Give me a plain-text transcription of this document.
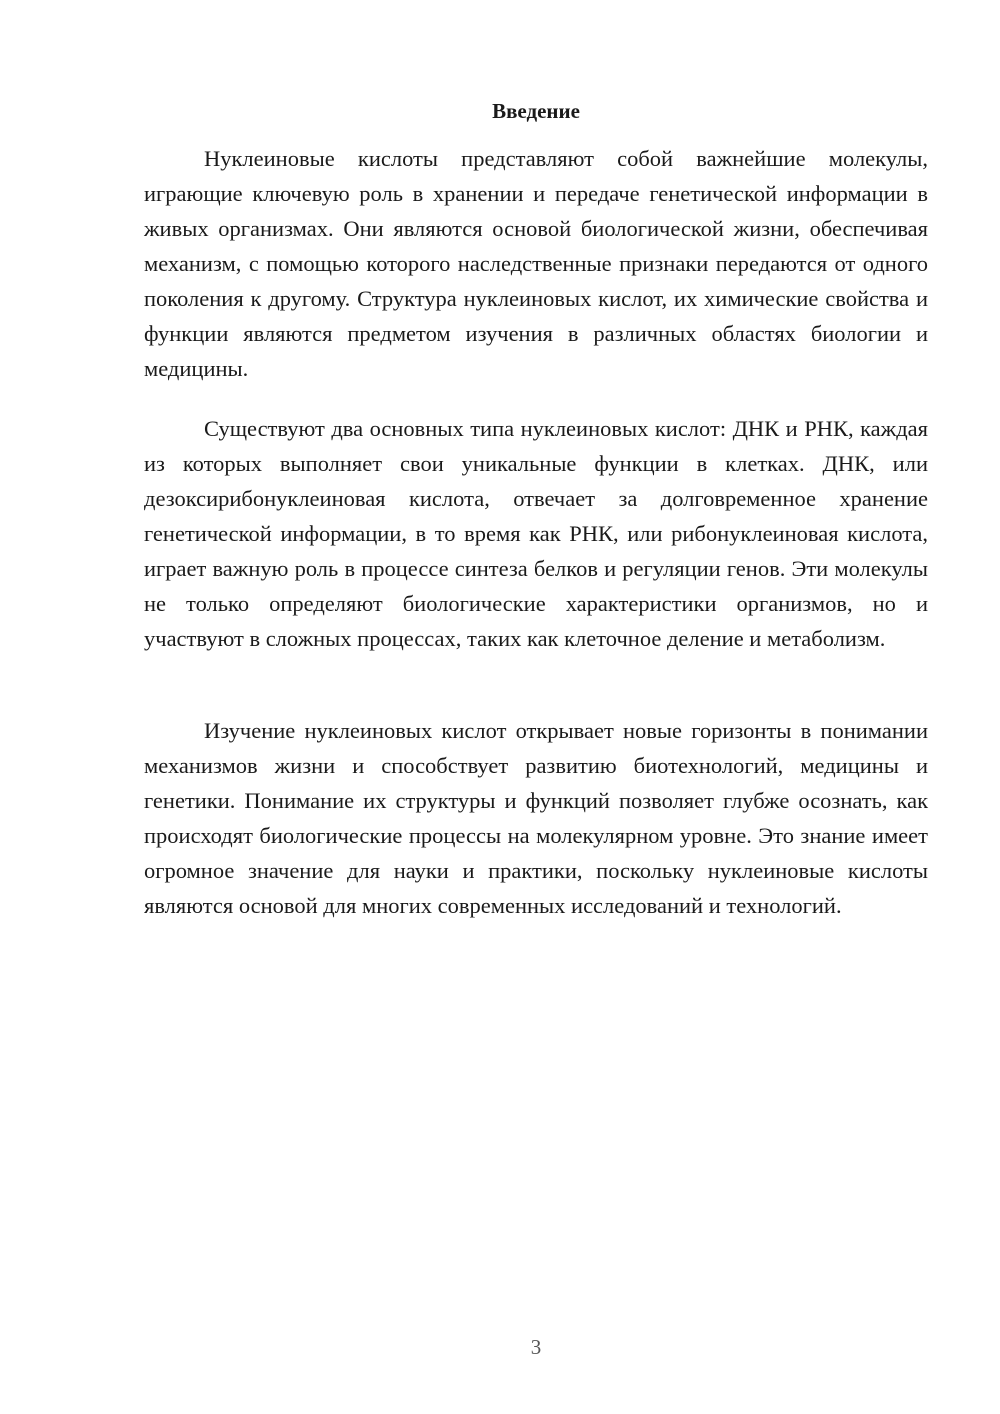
Введение

Нуклеиновые кислоты представляют собой важнейшие молекулы, играющие ключевую роль в хранении и передаче генетической информации в живых организмах. Они являются основой биологической жизни, обеспечивая механизм, с помощью которого наследственные признаки передаются от одного поколения к другому. Структура нуклеиновых кислот, их химические свойства и функции являются предметом изучения в различных областях биологии и медицины.

Существуют два основных типа нуклеиновых кислот: ДНК и РНК, каждая из которых выполняет свои уникальные функции в клетках. ДНК, или дезоксирибонуклеиновая кислота, отвечает за долговременное хранение генетической информации, в то время как РНК, или рибонуклеиновая кислота, играет важную роль в процессе синтеза белков и регуляции генов. Эти молекулы не только определяют биологические характеристики организмов, но и участвуют в сложных процессах, таких как клеточное деление и метаболизм.

Изучение нуклеиновых кислот открывает новые горизонты в понимании механизмов жизни и способствует развитию биотехнологий, медицины и генетики. Понимание их структуры и функций позволяет глубже осознать, как происходят биологические процессы на молекулярном уровне. Это знание имеет огромное значение для науки и практики, поскольку нуклеиновые кислоты являются основой для многих современных исследований и технологий.

3
